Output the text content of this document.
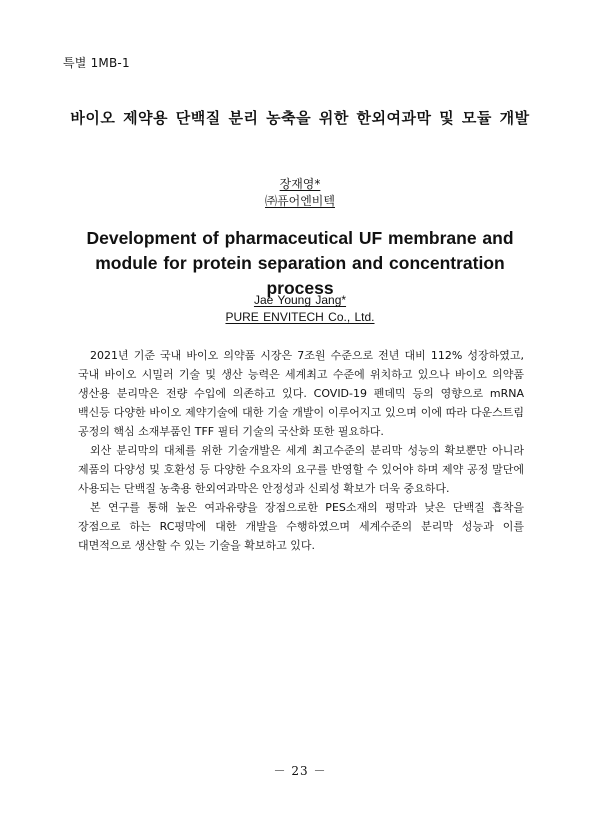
특별 1MB-1
바이오 제약용 단백질 분리 농축을 위한 한외여과막 및 모듈 개발
장재영*
㈜퓨어엔비텍
Development of pharmaceutical UF membrane and module for protein separation and concentration process
Jae Young Jang*
PURE ENVITECH Co., Ltd.

2021년 기준 국내 바이오 의약품 시장은 7조원 수준으로 전년 대비 112% 성장하였고, 국내 바이오 시밀러 기술 및 생산 능력은 세계최고 수준에 위치하고 있으나 바이오 의약품 생산용 분리막은 전량 수입에 의존하고 있다. COVID-19 펜데믹 등의 영향으로 mRNA 백신등 다양한 바이오 제약기술에 대한 기술 개발이 이루어지고 있으며 이에 따라 다운스트림 공정의 핵심 소재부품인 TFF 필터 기술의 국산화 또한 필요하다.

외산 분리막의 대체를 위한 기술개발은 세계 최고수준의 분리막 성능의 확보뿐만 아니라 제품의 다양성 및 호환성 등 다양한 수요자의 요구를 반영할 수 있어야 하며 제약 공정 말단에 사용되는 단백질 농축용 한외여과막은 안정성과 신뢰성 확보가 더욱 중요하다.

본 연구를 통해 높은 여과유량을 장점으로한 PES소재의 평막과 낮은 단백질 흡착을 장점으로 하는 RC평막에 대한 개발을 수행하였으며 세계수준의 분리막 성능과 이를 대면적으로 생산할 수 있는 기술을 확보하고 있다.

－ 23 －
